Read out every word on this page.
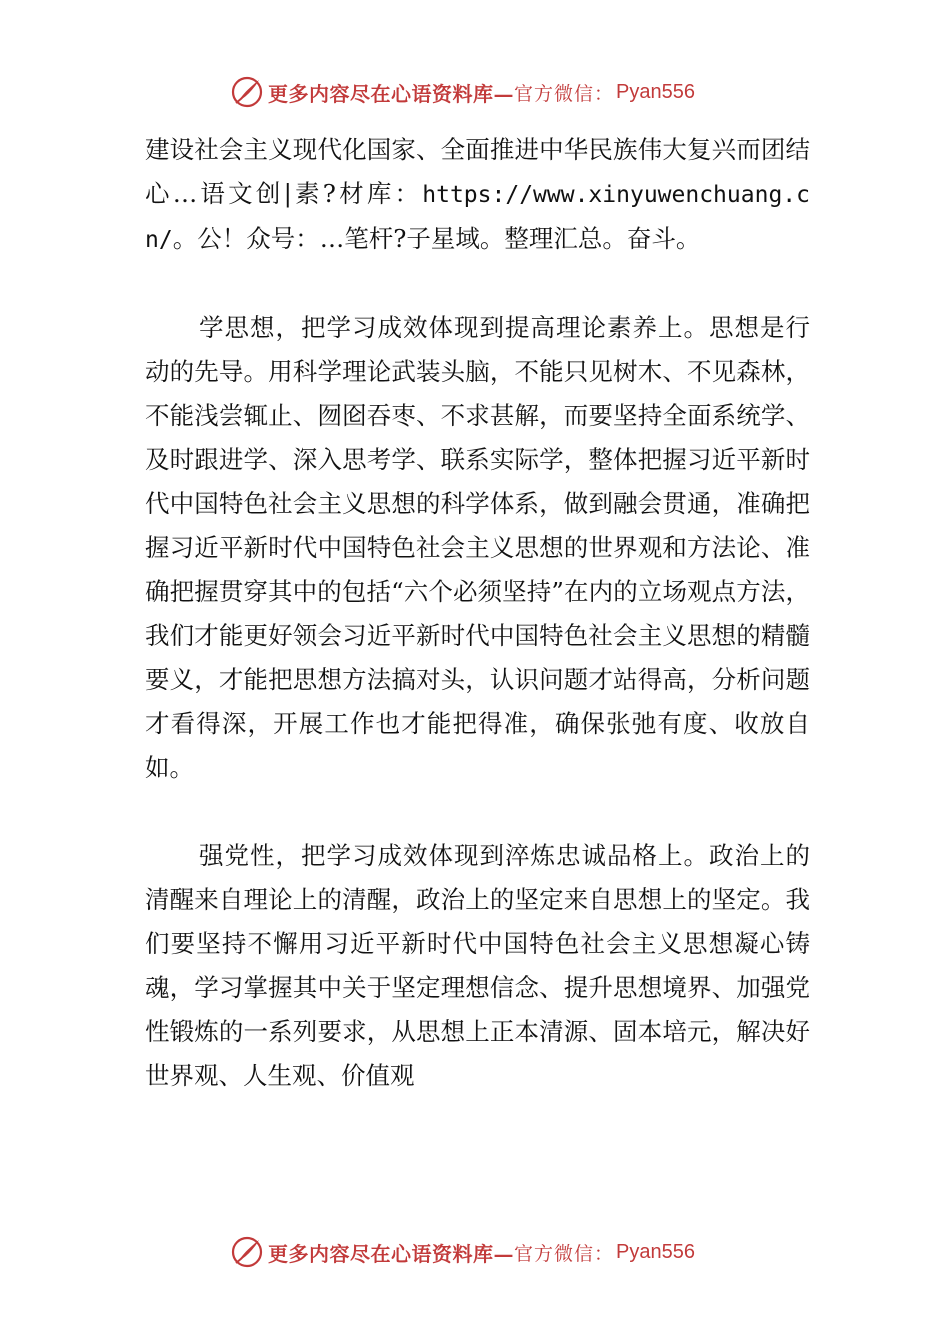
更多内容尽在心语资料库— 官方微信： Pyan556

建设社会主义现代化国家、全面推进中华民族伟大复兴而团结心…语文创|素?材库：https://www.xinyuwenchuang.cn/。公！众号：…笔杆?子星域。整理汇总。奋斗。

学思想，把学习成效体现到提高理论素养上。思想是行动的先导。用科学理论武装头脑，不能只见树木、不见森林，不能浅尝辄止、囫囵吞枣、不求甚解，而要坚持全面系统学、及时跟进学、深入思考学、联系实际学，整体把握习近平新时代中国特色社会主义思想的科学体系，做到融会贯通，准确把握习近平新时代中国特色社会主义思想的世界观和方法论、准确把握贯穿其中的包括“六个必须坚持”在内的立场观点方法，我们才能更好领会习近平新时代中国特色社会主义思想的精髓要义，才能把思想方法搞对头，认识问题才站得高，分析问题才看得深，开展工作也才能把得准，确保张弛有度、收放自如。

强党性，把学习成效体现到淬炼忠诚品格上。政治上的清醒来自理论上的清醒，政治上的坚定来自思想上的坚定。我们要坚持不懈用习近平新时代中国特色社会主义思想凝心铸魂，学习掌握其中关于坚定理想信念、提升思想境界、加强党性锻炼的一系列要求，从思想上正本清源、固本培元，解决好世界观、人生观、价值观

更多内容尽在心语资料库— 官方微信： Pyan556
